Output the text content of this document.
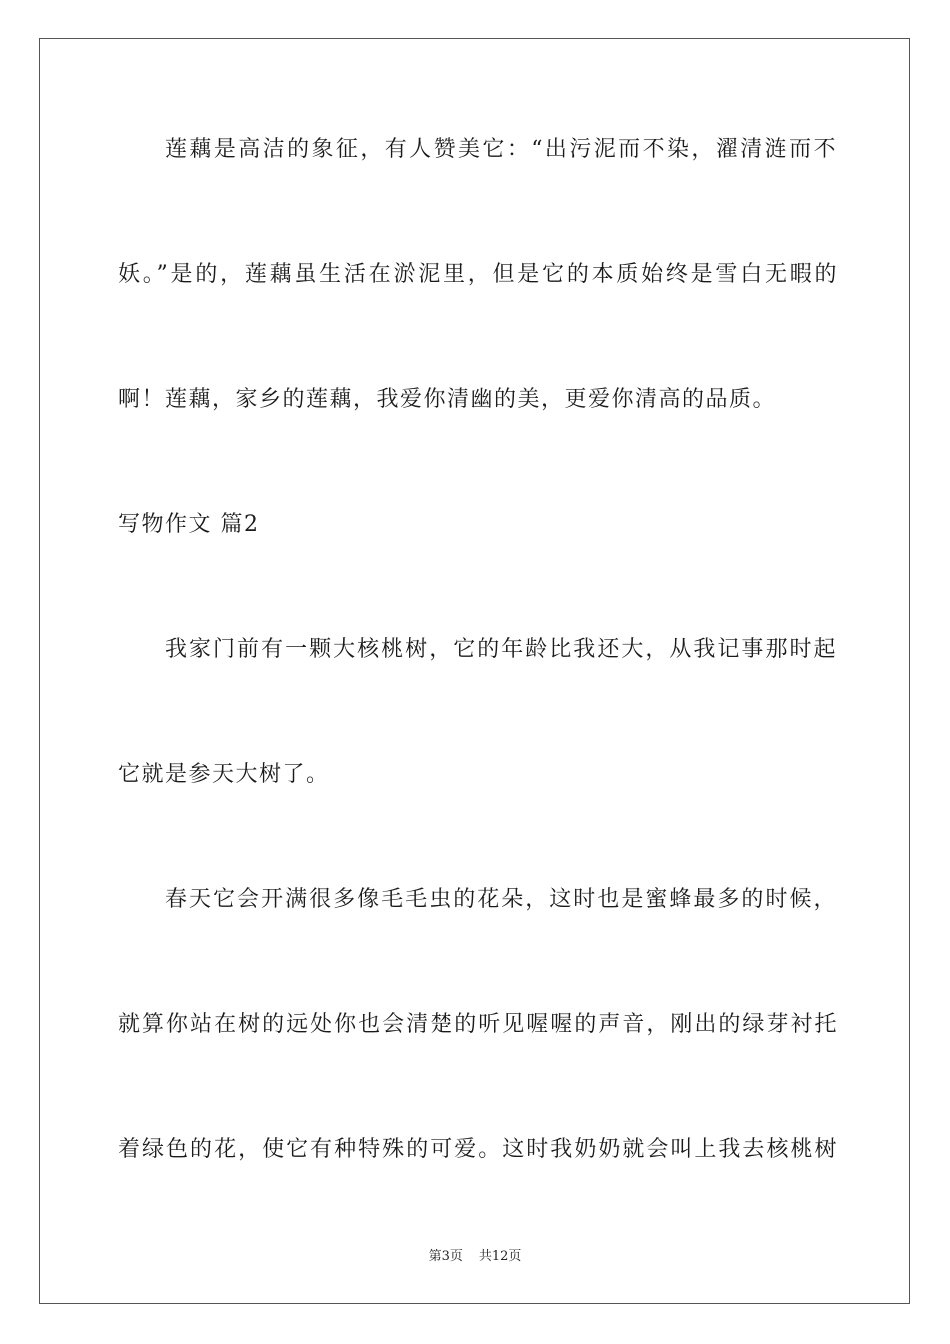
莲藕是高洁的象征，有人赞美它：“出污泥而不染，濯清涟而不
妖。”是的，莲藕虽生活在淤泥里，但是它的本质始终是雪白无暇的
啊！莲藕，家乡的莲藕，我爱你清幽的美，更爱你清高的品质。
写物作文 篇2
我家门前有一颗大核桃树，它的年龄比我还大，从我记事那时起
它就是参天大树了。
春天它会开满很多像毛毛虫的花朵，这时也是蜜蜂最多的时候，
就算你站在树的远处你也会清楚的听见喔喔的声音，刚出的绿芽衬托
着绿色的花，使它有种特殊的可爱。这时我奶奶就会叫上我去核桃树
第3页 共12页
